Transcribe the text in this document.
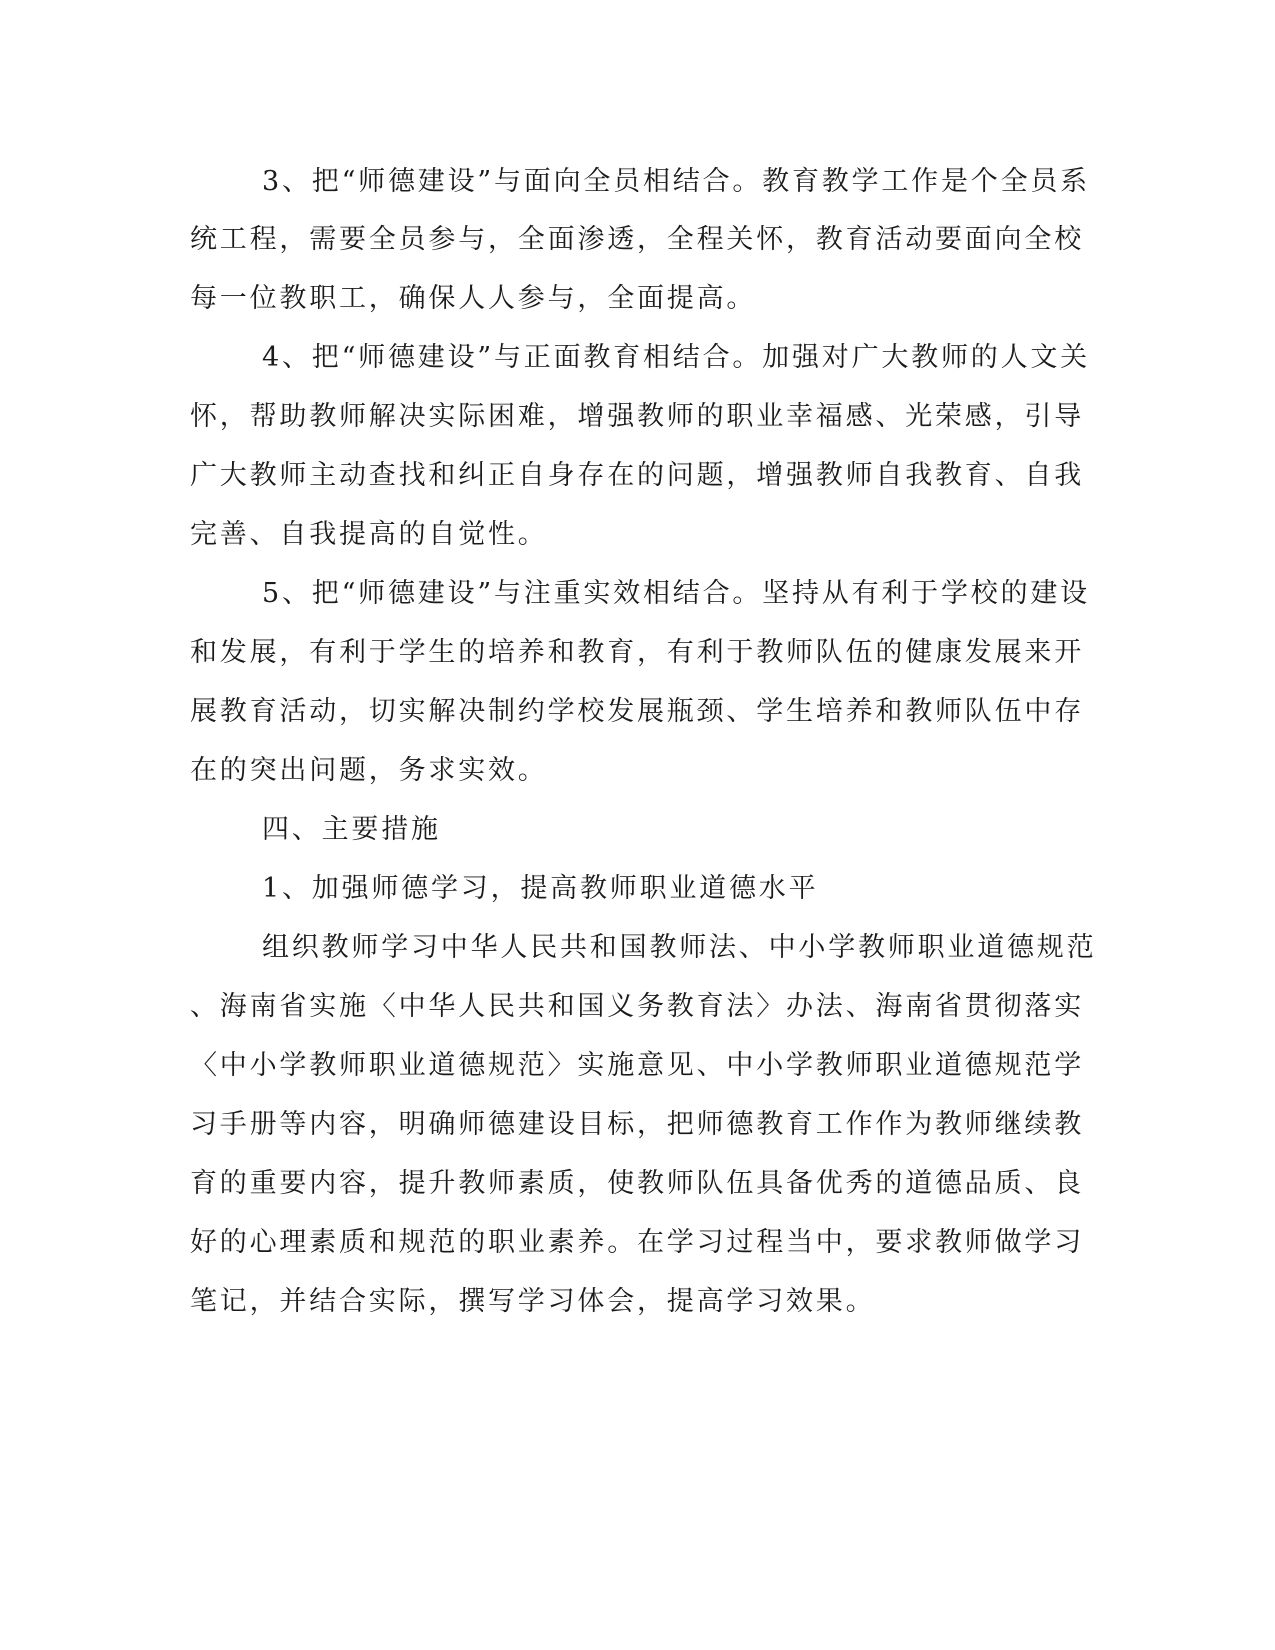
3、把“师德建设”与面向全员相结合。教育教学工作是个全员系
统工程，需要全员参与，全面渗透，全程关怀，教育活动要面向全校
每一位教职工，确保人人参与，全面提高。
4、把“师德建设”与正面教育相结合。加强对广大教师的人文关
怀，帮助教师解决实际困难，增强教师的职业幸福感、光荣感，引导
广大教师主动查找和纠正自身存在的问题，增强教师自我教育、自我
完善、自我提高的自觉性。
5、把“师德建设”与注重实效相结合。坚持从有利于学校的建设
和发展，有利于学生的培养和教育，有利于教师队伍的健康发展来开
展教育活动，切实解决制约学校发展瓶颈、学生培养和教师队伍中存
在的突出问题，务求实效。
四、主要措施
1、加强师德学习，提高教师职业道德水平
组织教师学习中华人民共和国教师法、中小学教师职业道德规范
、海南省实施〈中华人民共和国义务教育法〉办法、海南省贯彻落实
〈中小学教师职业道德规范〉实施意见、中小学教师职业道德规范学
习手册等内容，明确师德建设目标，把师德教育工作作为教师继续教
育的重要内容，提升教师素质，使教师队伍具备优秀的道德品质、良
好的心理素质和规范的职业素养。在学习过程当中，要求教师做学习
笔记，并结合实际，撰写学习体会，提高学习效果。
